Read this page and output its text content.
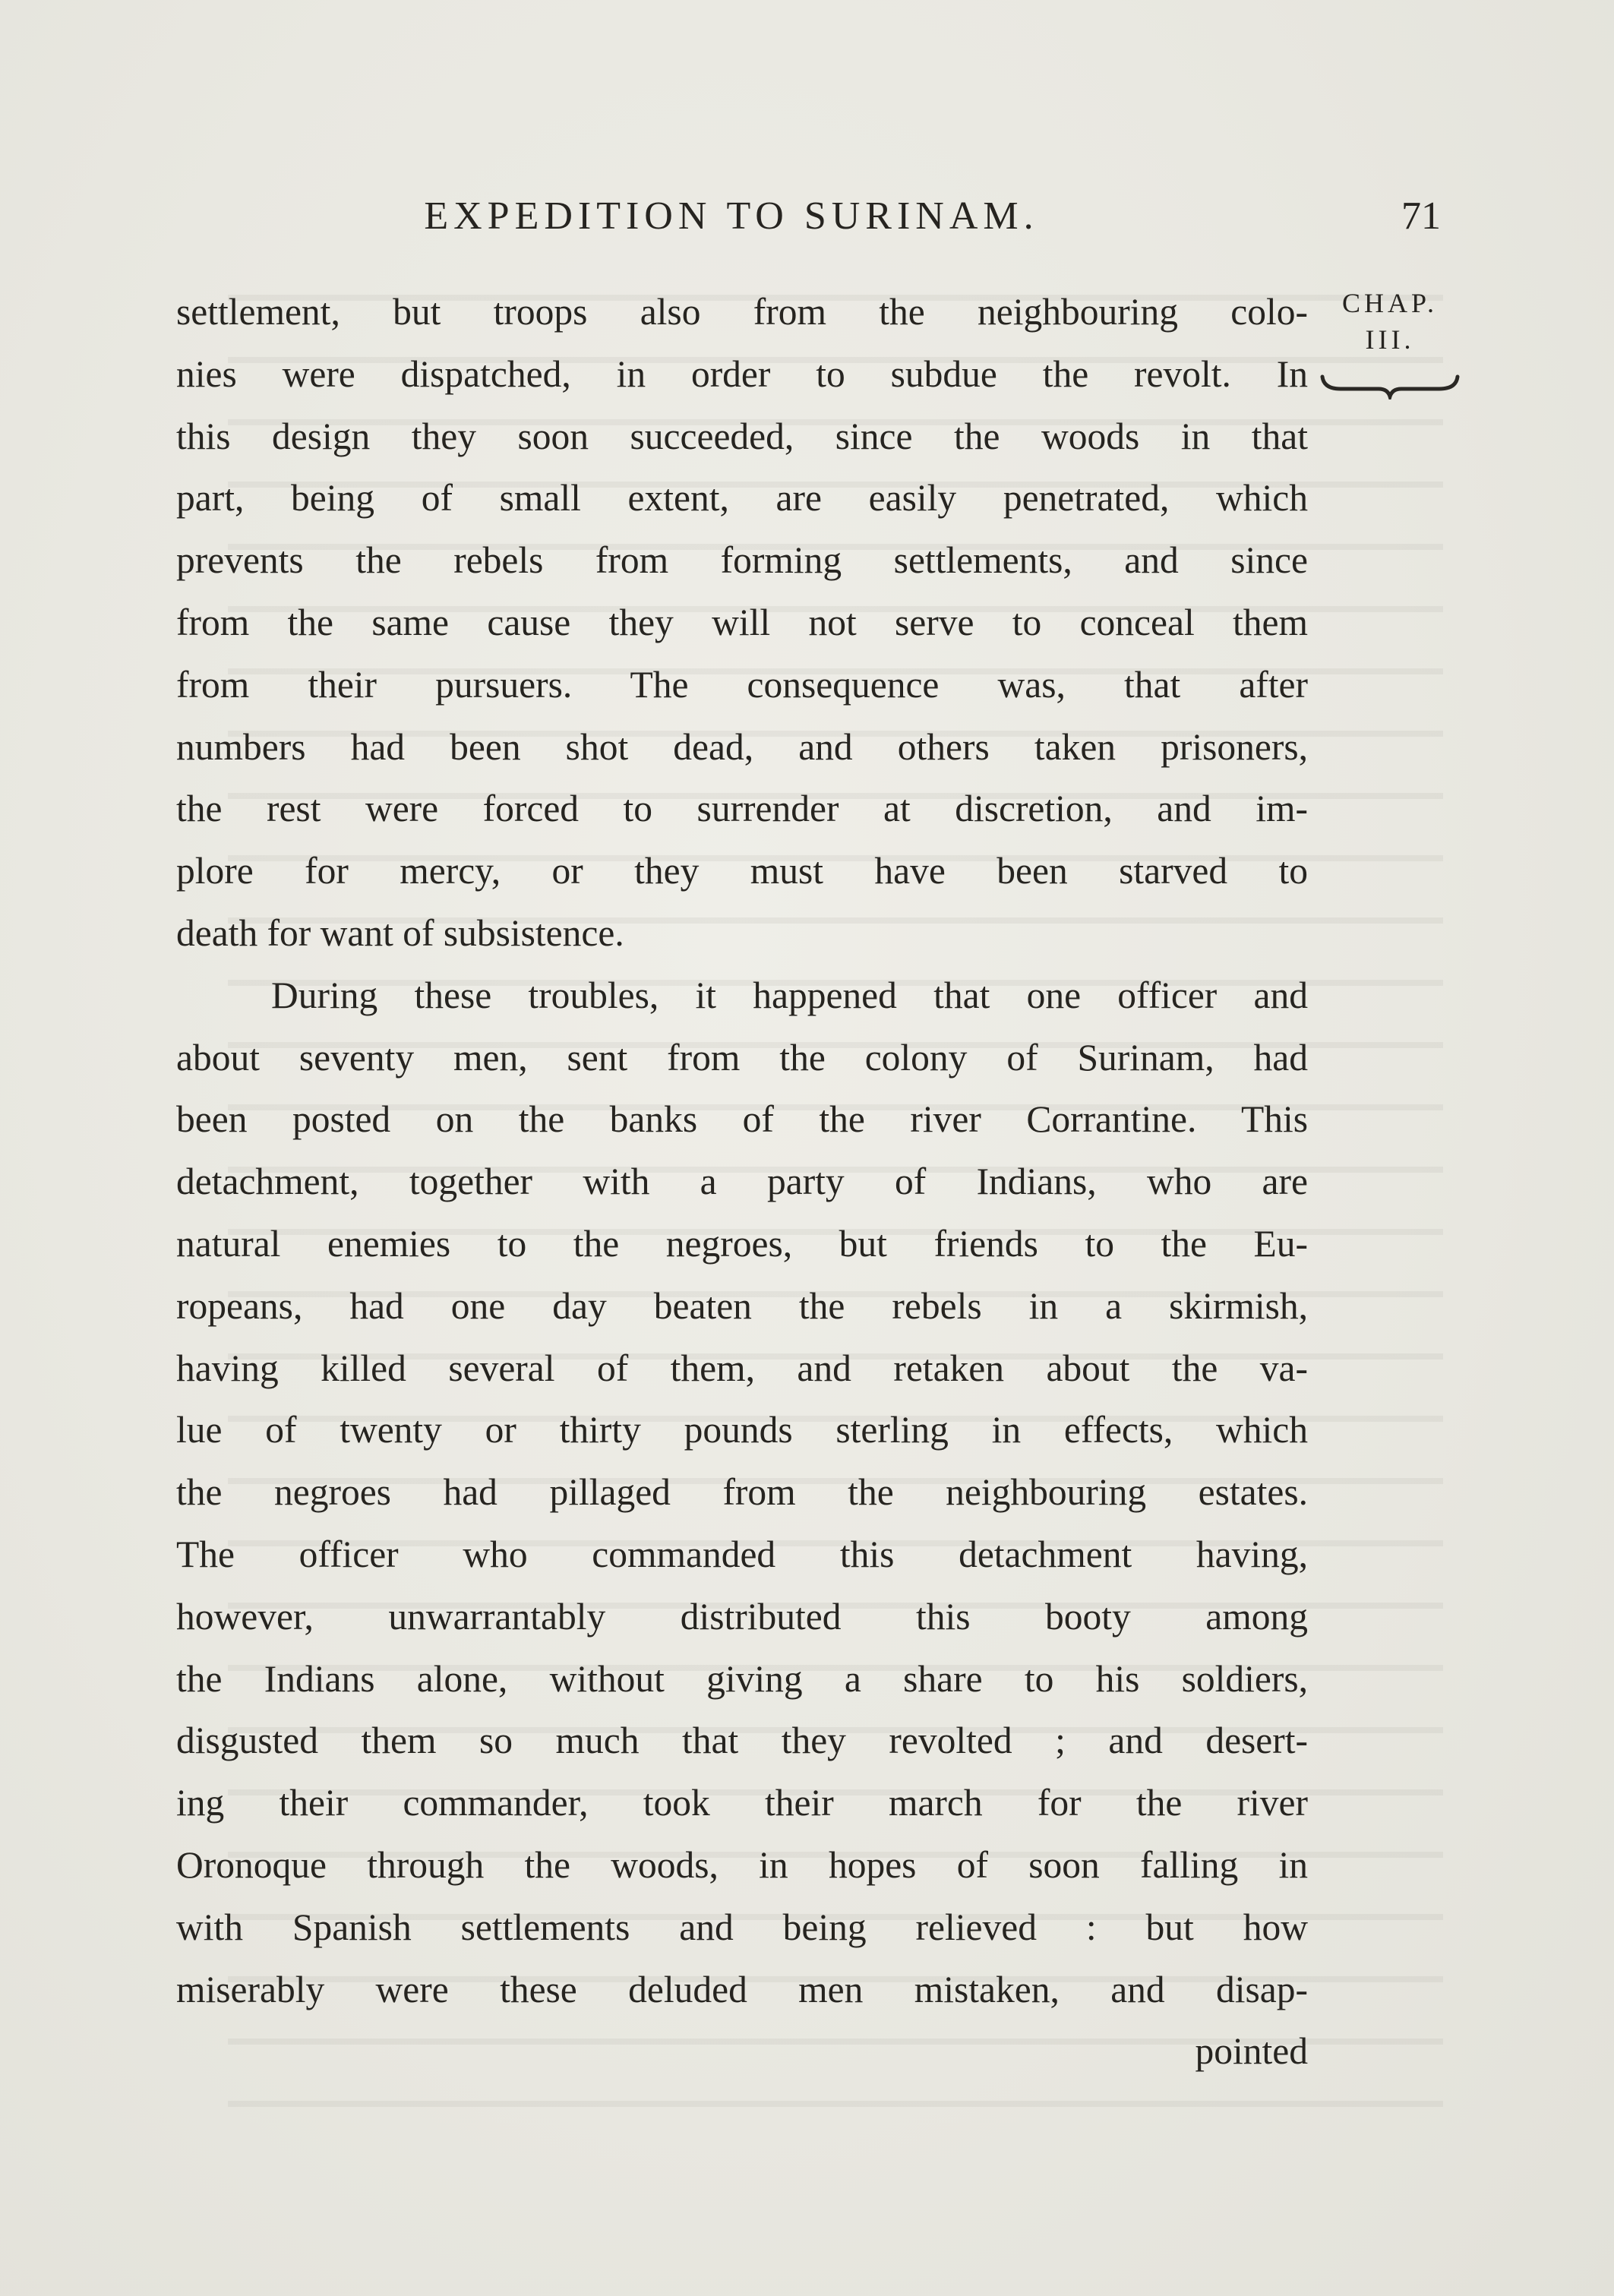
EXPEDITION TO SURINAM.	71
CHAP.
III.
settlement, but troops also from the neighbouring colo-
nies were dispatched, in order to subdue the revolt. In
this design they soon succeeded, since the woods in that
part, being of small extent, are easily penetrated, which
prevents the rebels from forming settlements, and since
from the same cause they will not serve to conceal them
from their pursuers. The consequence was, that after
numbers had been shot dead, and others taken prisoners,
the rest were forced to surrender at discretion, and im-
plore for mercy, or they must have been starved to
death for want of subsistence.
During these troubles, it happened that one officer and
about seventy men, sent from the colony of Surinam, had
been posted on the banks of the river Corrantine. This
detachment, together with a party of Indians, who are
natural enemies to the negroes, but friends to the Eu-
ropeans, had one day beaten the rebels in a skirmish,
having killed several of them, and retaken about the va-
lue of twenty or thirty pounds sterling in effects, which
the negroes had pillaged from the neighbouring estates.
The officer who commanded this detachment having,
however, unwarrantably distributed this booty among
the Indians alone, without giving a share to his soldiers,
disgusted them so much that they revolted ; and desert-
ing their commander, took their march for the river
Oronoque through the woods, in hopes of soon falling in
with Spanish settlements and being relieved : but how
miserably were these deluded men mistaken, and disap-
pointed
